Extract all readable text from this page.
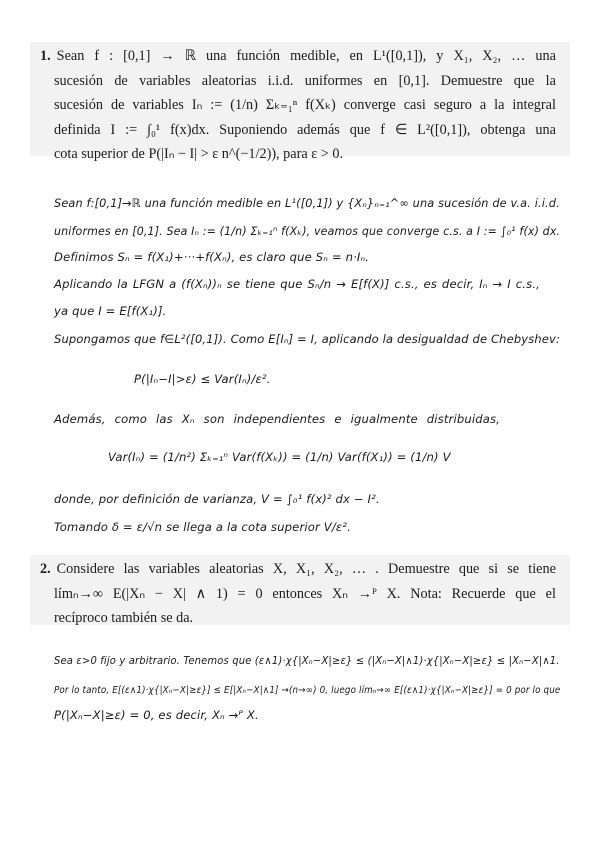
1. Sean f : [0,1] → ℝ una función medible, en L¹([0,1]), y X₁, X₂, … una
sucesión de variables aleatorias i.i.d. uniformes en [0,1]. Demuestre que la
sucesión de variables Iₙ := (1/n) Σₖ₌₁ⁿ f(Xₖ) converge casi seguro a la integral
definida I := ∫₀¹ f(x)dx. Suponiendo además que f ∈ L²([0,1]), obtenga una
cota superior de P(|Iₙ − I| > ε n^(−1/2)), para ε > 0.
Sean f:[0,1]→ℝ una función medible en L¹([0,1]) y {Xₙ}ₙ₌₁^∞ una sucesión de v.a. i.i.d.
uniformes en [0,1]. Sea Iₙ := (1/n) Σₖ₌₁ⁿ f(Xₖ), veamos que converge c.s. a I := ∫₀¹ f(x) dx.
Definimos Sₙ = f(X₁)+···+f(Xₙ), es claro que Sₙ = n·Iₙ.
Aplicando la LFGN a (f(Xₙ))ₙ se tiene que Sₙ/n → E[f(X)] c.s., es decir, Iₙ → I c.s.,
ya que I = E[f(X₁)].
Supongamos que f∈L²([0,1]). Como E[Iₙ] = I, aplicando la desigualdad de Chebyshev:
P(|Iₙ−I|>ε) ≤ Var(Iₙ)/ε².
Además, como las Xₙ son independientes e igualmente distribuidas,
Var(Iₙ) = (1/n²) Σₖ₌₁ⁿ Var(f(Xₖ)) = (1/n) Var(f(X₁)) = (1/n) V
donde, por definición de varianza, V = ∫₀¹ f(x)² dx − I².
Tomando δ = ε/√n se llega a la cota superior V/ε².
2. Considere las variables aleatorias X, X₁, X₂, … . Demuestre que si se tiene
límₙ→∞ E(|Xₙ − X| ∧ 1) = 0 entonces Xₙ →ᴾ X. Nota: Recuerde que el
recíproco también se da.
Sea ε>0 fijo y arbitrario. Tenemos que (ε∧1)·χ{|Xₙ−X|≥ε} ≤ (|Xₙ−X|∧1)·χ{|Xₙ−X|≥ε} ≤ |Xₙ−X|∧1.
Por lo tanto, E[(ε∧1)·χ{|Xₙ−X|≥ε}] ≤ E[|Xₙ−X|∧1] →(n→∞) 0, luego límₙ→∞ E[(ε∧1)·χ{|Xₙ−X|≥ε}] = 0 por lo que
P(|Xₙ−X|≥ε) = 0, es decir, Xₙ →ᴾ X.
